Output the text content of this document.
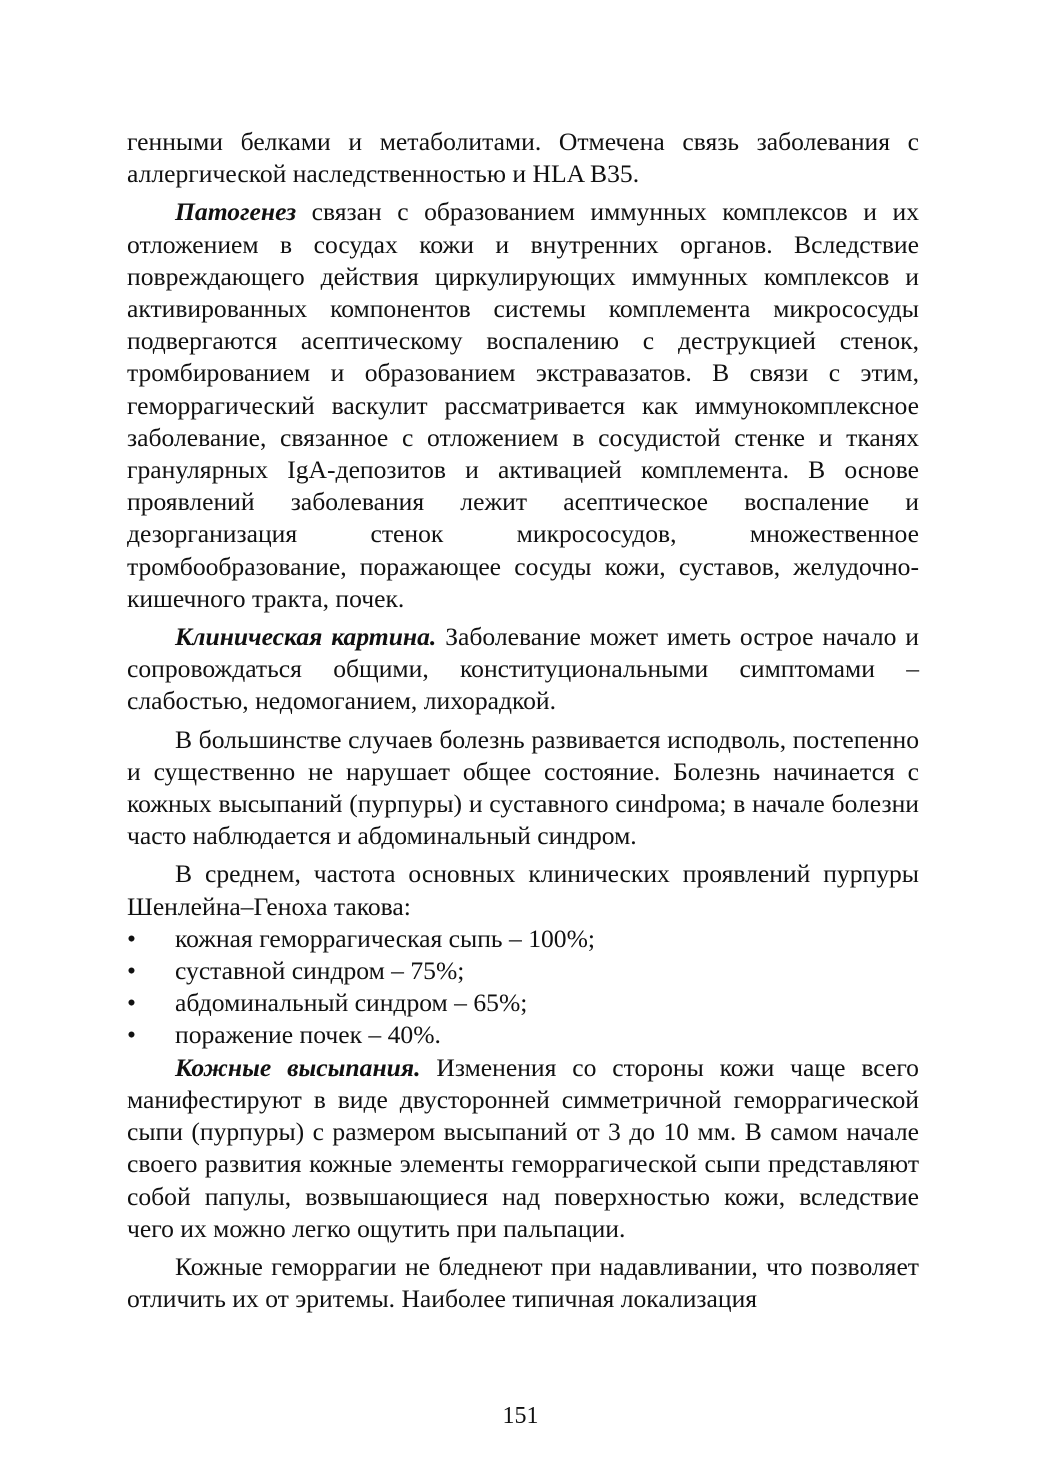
генными белками и метаболитами. Отмечена связь заболевания с аллергической наследственностью и HLA B35.

Патогенез связан с образованием иммунных комплексов и их отложением в сосудах кожи и внутренних органов. Вследствие повреждающего действия циркулирующих иммунных комплексов и активированных компонентов системы комплемента микрососуды подвергаются асептическому воспалению с деструкцией стенок, тромбированием и образованием экстравазатов. В связи с этим, геморрагический васкулит рассматривается как иммунокомплексное заболевание, связанное с отложением в сосудистой стенке и тканях гранулярных IgA-депозитов и активацией комплемента. В основе проявлений заболевания лежит асептическое воспаление и дезорганизация стенок микрососудов, множественное тромбообразование, поражающее сосуды кожи, суставов, желудочно-кишечного тракта, почек.

Клиническая картина. Заболевание может иметь острое начало и сопровождаться общими, конституциональными симптомами – слабостью, недомоганием, лихорадкой.

В большинстве случаев болезнь развивается исподволь, постепенно и существенно не нарушает общее состояние. Болезнь начинается с кожных высыпаний (пурпуры) и суставного синdрома; в начале болезни часто наблюдается и абдоминальный синдром.

В среднем, частота основных клинических проявлений пурпуры Шенлейна–Геноха такова:

• кожная геморрагическая сыпь – 100%;
• суставной синдром – 75%;
• абдоминальный синдром – 65%;
• поражение почек – 40%.

Кожные высыпания. Изменения со стороны кожи чаще всего манифестируют в виде двусторонней симметричной геморрагической сыпи (пурпуры) с размером высыпаний от 3 до 10 мм. В самом начале своего развития кожные элементы геморрагической сыпи представляют собой папулы, возвышающиеся над поверхностью кожи, вследствие чего их можно легко ощутить при пальпации.

Кожные геморрагии не бледнеют при надавливании, что позволяет отличить их от эритемы. Наиболее типичная локализация

151
